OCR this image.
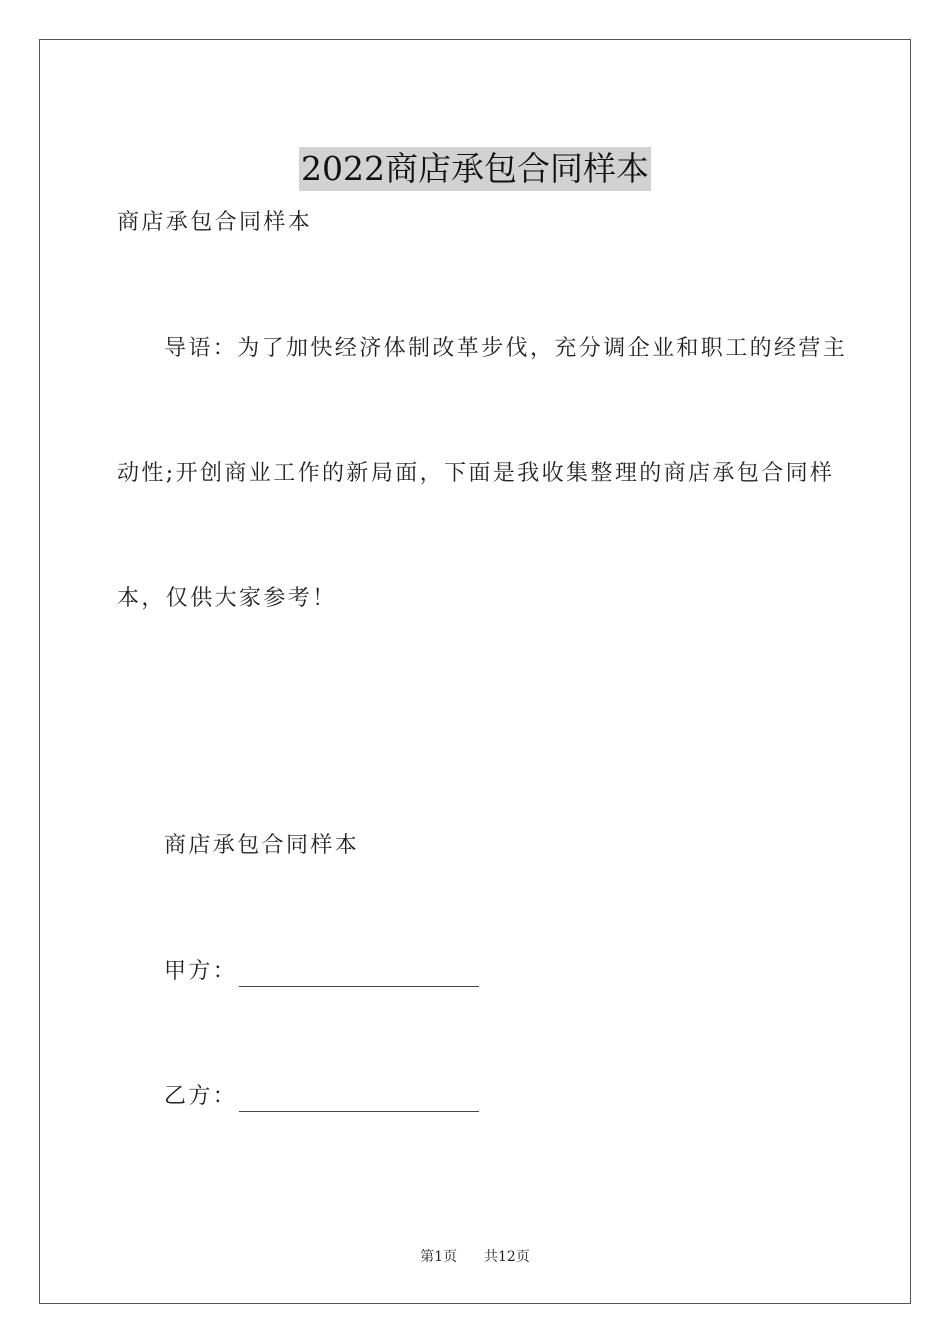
2022商店承包合同样本
商店承包合同样本
导语：为了加快经济体制改革步伐，充分调企业和职工的经营主
动性;开创商业工作的新局面，下面是我收集整理的商店承包合同样
本，仅供大家参考！
商店承包合同样本
甲方：
乙方：
第1页 共12页
